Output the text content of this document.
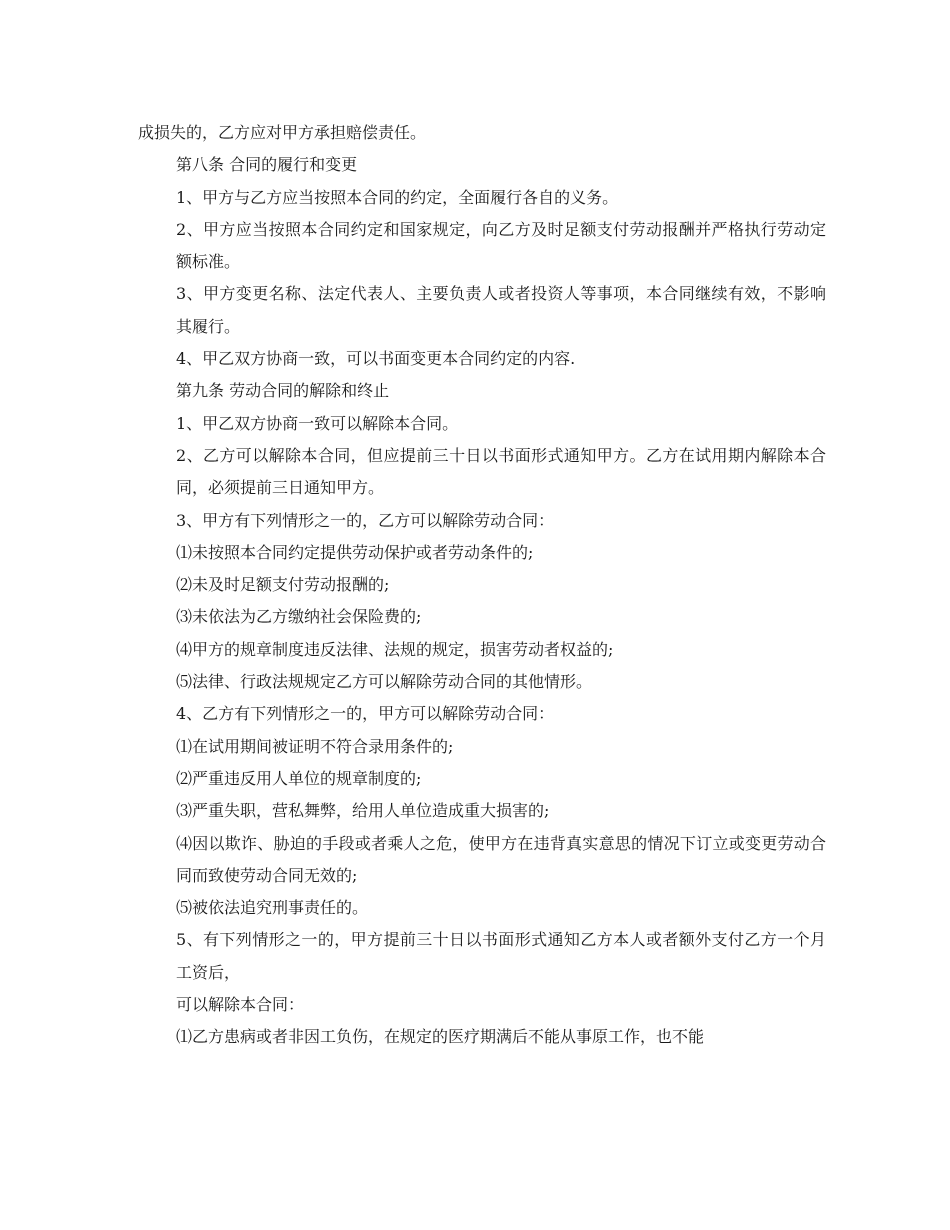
成损失的，乙方应对甲方承担赔偿责任。

第八条 合同的履行和变更

1、甲方与乙方应当按照本合同的约定，全面履行各自的义务。

2、甲方应当按照本合同约定和国家规定，向乙方及时足额支付劳动报酬并严格执行劳动定额标准。

3、甲方变更名称、法定代表人、主要负责人或者投资人等事项，本合同继续有效，不影响其履行。

4、甲乙双方协商一致，可以书面变更本合同约定的内容.

第九条 劳动合同的解除和终止

1、甲乙双方协商一致可以解除本合同。

2、乙方可以解除本合同，但应提前三十日以书面形式通知甲方。乙方在试用期内解除本合同，必须提前三日通知甲方。

3、甲方有下列情形之一的，乙方可以解除劳动合同：

⑴未按照本合同约定提供劳动保护或者劳动条件的;

⑵未及时足额支付劳动报酬的;

⑶未依法为乙方缴纳社会保险费的;

⑷甲方的规章制度违反法律、法规的规定，损害劳动者权益的;

⑸法律、行政法规规定乙方可以解除劳动合同的其他情形。

4、乙方有下列情形之一的，甲方可以解除劳动合同：

⑴在试用期间被证明不符合录用条件的;

⑵严重违反用人单位的规章制度的;

⑶严重失职，营私舞弊，给用人单位造成重大损害的;

⑷因以欺诈、胁迫的手段或者乘人之危，使甲方在违背真实意思的情况下订立或变更劳动合同而致使劳动合同无效的;

⑸被依法追究刑事责任的。

5、有下列情形之一的，甲方提前三十日以书面形式通知乙方本人或者额外支付乙方一个月工资后，

可以解除本合同：

⑴乙方患病或者非因工负伤，在规定的医疗期满后不能从事原工作，也不能
